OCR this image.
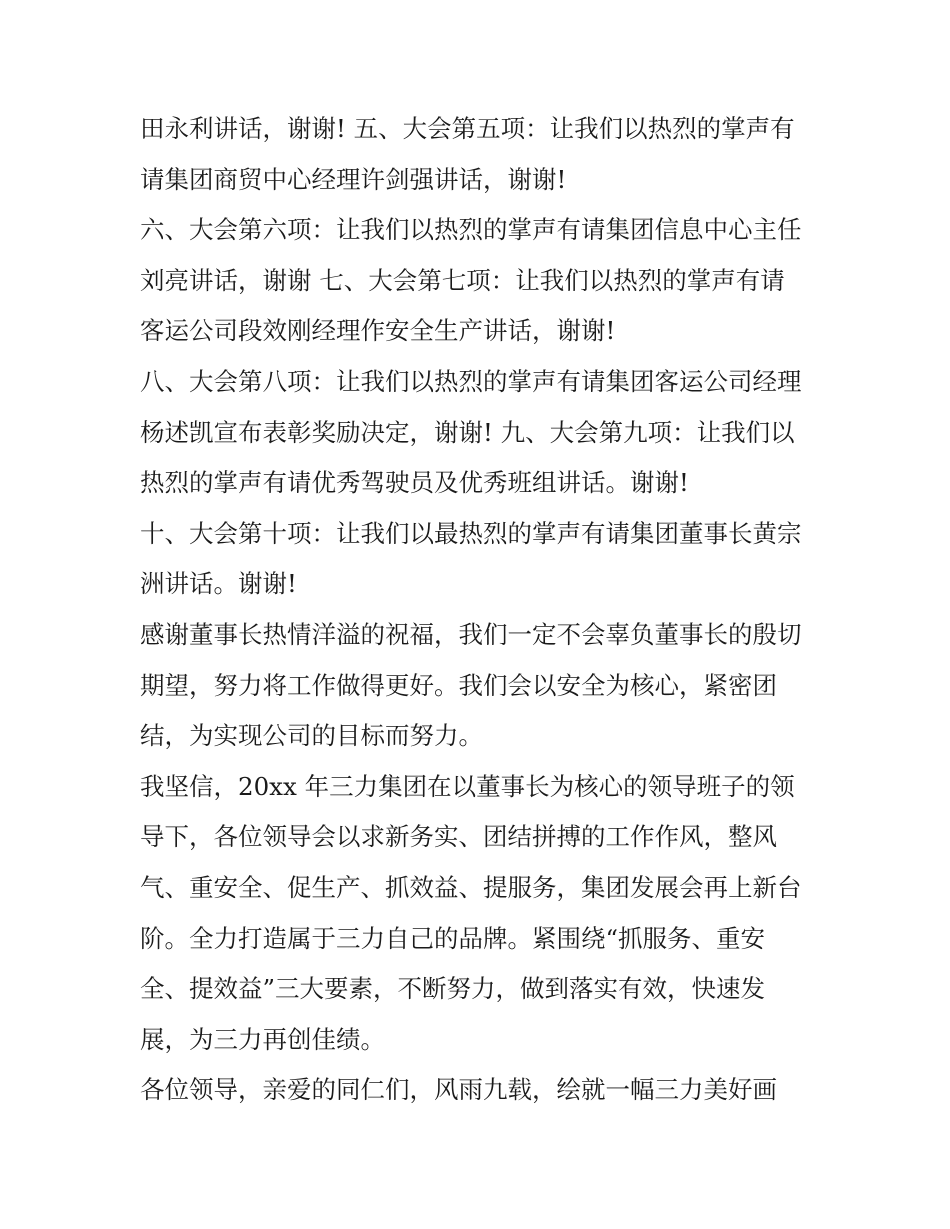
田永利讲话，谢谢! 五、大会第五项：让我们以热烈的掌声有
请集团商贸中心经理许剑强讲话，谢谢!
六、大会第六项：让我们以热烈的掌声有请集团信息中心主任
刘亮讲话，谢谢 七、大会第七项：让我们以热烈的掌声有请
客运公司段效刚经理作安全生产讲话，谢谢!
八、大会第八项：让我们以热烈的掌声有请集团客运公司经理
杨述凯宣布表彰奖励决定，谢谢! 九、大会第九项：让我们以
热烈的掌声有请优秀驾驶员及优秀班组讲话。谢谢!
十、大会第十项：让我们以最热烈的掌声有请集团董事长黄宗
洲讲话。谢谢!
感谢董事长热情洋溢的祝福，我们一定不会辜负董事长的殷切
期望，努力将工作做得更好。我们会以安全为核心，紧密团
结，为实现公司的目标而努力。
我坚信，20xx 年三力集团在以董事长为核心的领导班子的领
导下，各位领导会以求新务实、团结拼搏的工作作风，整风
气、重安全、促生产、抓效益、提服务，集团发展会再上新台
阶。全力打造属于三力自己的品牌。紧围绕“抓服务、重安
全、提效益”三大要素，不断努力，做到落实有效，快速发
展，为三力再创佳绩。
各位领导，亲爱的同仁们，风雨九载，绘就一幅三力美好画
